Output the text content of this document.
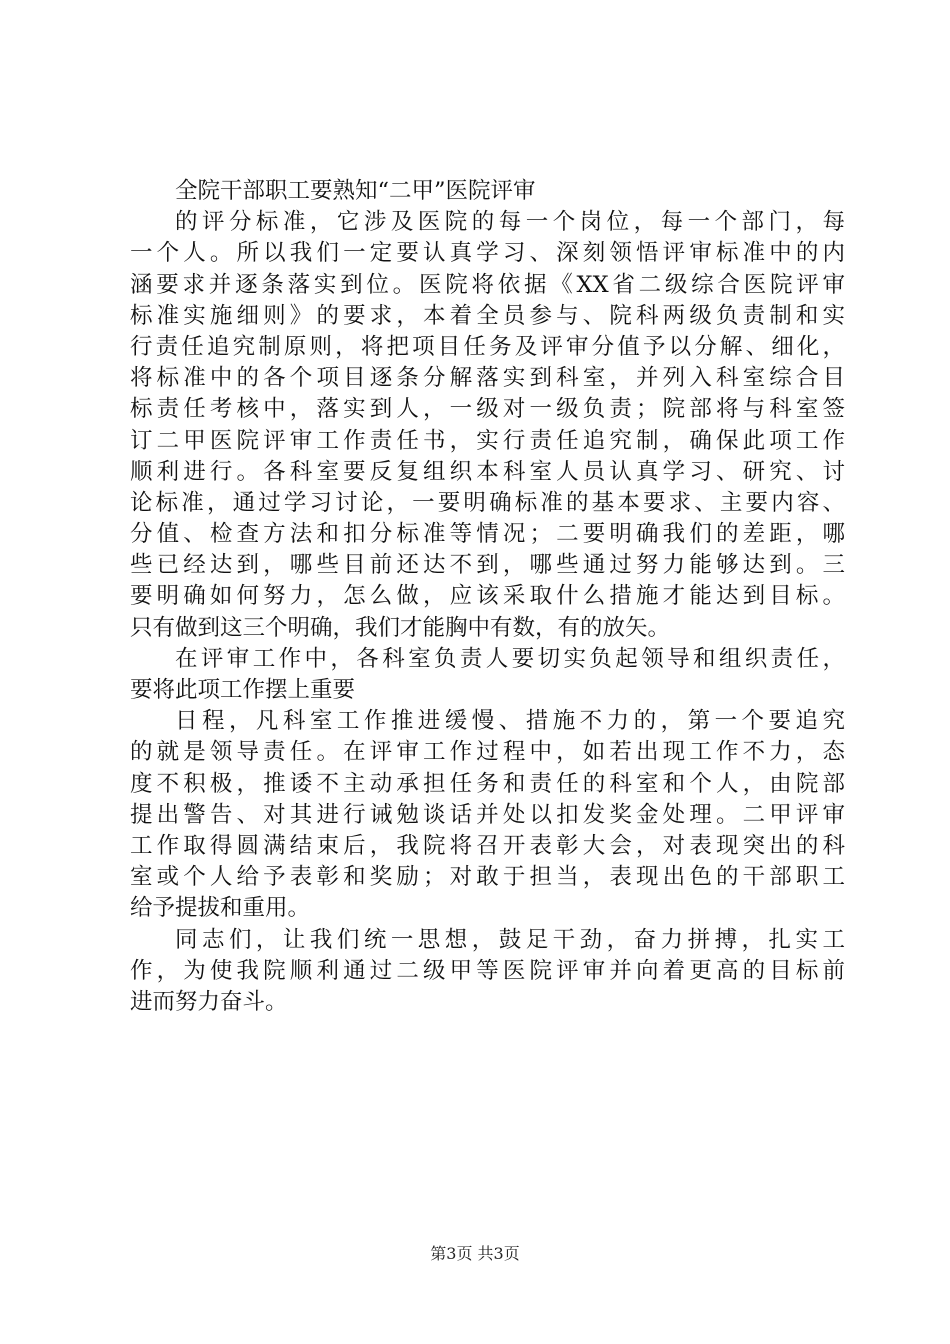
全院干部职工要熟知“二甲”医院评审
的评分标准，它涉及医院的每一个岗位，每一个部门，每
一个人。所以我们一定要认真学习、深刻领悟评审标准中的内
涵要求并逐条落实到位。医院将依据《XX省二级综合医院评审
标准实施细则》的要求，本着全员参与、院科两级负责制和实
行责任追究制原则，将把项目任务及评审分值予以分解、细化，
将标准中的各个项目逐条分解落实到科室，并列入科室综合目
标责任考核中，落实到人，一级对一级负责；院部将与科室签
订二甲医院评审工作责任书，实行责任追究制，确保此项工作
顺利进行。各科室要反复组织本科室人员认真学习、研究、讨
论标准，通过学习讨论，一要明确标准的基本要求、主要内容、
分值、检查方法和扣分标准等情况；二要明确我们的差距，哪
些已经达到，哪些目前还达不到，哪些通过努力能够达到。三
要明确如何努力，怎么做，应该采取什么措施才能达到目标。
只有做到这三个明确，我们才能胸中有数，有的放矢。
在评审工作中，各科室负责人要切实负起领导和组织责任，
要将此项工作摆上重要
日程，凡科室工作推进缓慢、措施不力的，第一个要追究
的就是领导责任。在评审工作过程中，如若出现工作不力，态
度不积极，推诿不主动承担任务和责任的科室和个人，由院部
提出警告、对其进行诫勉谈话并处以扣发奖金处理。二甲评审
工作取得圆满结束后，我院将召开表彰大会，对表现突出的科
室或个人给予表彰和奖励；对敢于担当，表现出色的干部职工
给予提拔和重用。
同志们，让我们统一思想，鼓足干劲，奋力拼搏，扎实工
作，为使我院顺利通过二级甲等医院评审并向着更高的目标前
进而努力奋斗。
第3页 共3页
